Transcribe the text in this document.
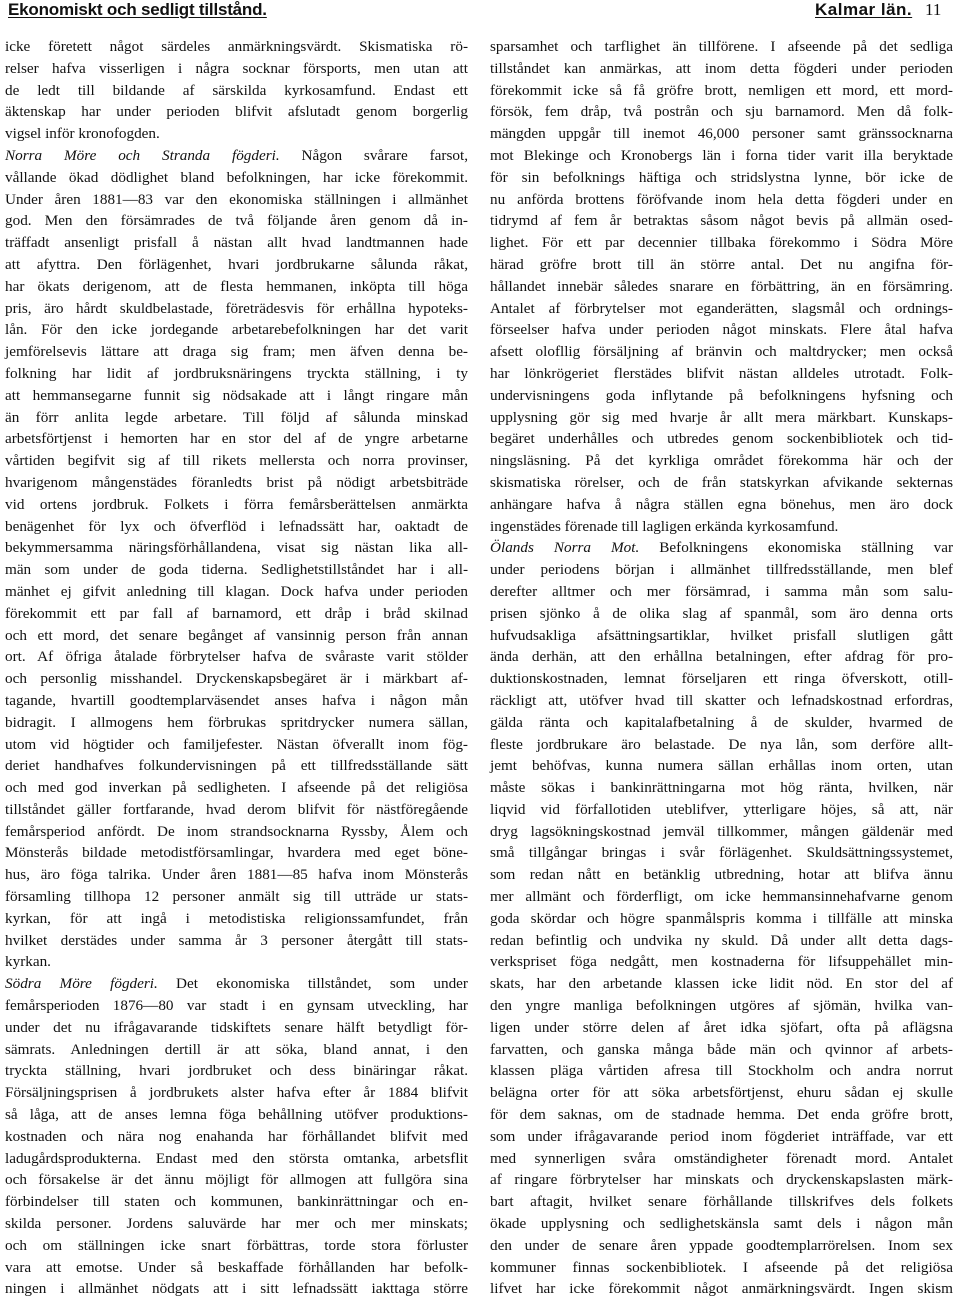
Ekonomiskt och sedligt tillstånd.	Kalmar län. 11
icke företett något särdeles anmärkningsvärdt. Skismatiska rö-
relser hafva visserligen i några socknar försports, men utan att
de ledt till bildande af särskilda kyrkosamfund. Endast ett
äktenskap har under perioden blifvit afslutadt genom borgerlig
vigsel inför kronofogden.
Norra Möre och Stranda fögderi. Någon svårare farsot,
vållande ökad dödlighet bland befolkningen, har icke förekommit.
Under åren 1881—83 var den ekonomiska ställningen i allmänhet
god. Men den försämrades de två följande åren genom då in-
träffadt ansenligt prisfall å nästan allt hvad landtmannen hade
att afyttra. Den förlägenhet, hvari jordbrukarne sålunda råkat,
har ökats derigenom, att de flesta hemmanen, inköpta till höga
pris, äro hårdt skuldbelastade, företrädesvis för erhållna hypoteks-
lån. För den icke jordegande arbetarebefolkningen har det varit
jemförelsevis lättare att draga sig fram; men äfven denna be-
folkning har lidit af jordbruksnäringens tryckta ställning, i ty
att hemmansegarne funnit sig nödsakade att i långt ringare mån
än förr anlita legde arbetare. Till följd af sålunda minskad
arbetsförtjenst i hemorten har en stor del af de yngre arbetarne
vårtiden begifvit sig af till rikets mellersta och norra provinser,
hvarigenom mångenstädes föranledts brist på nödigt arbetsbiträde
vid ortens jordbruk. Folkets i förra femårsberättelsen anmärkta
benägenhet för lyx och öfverflöd i lefnadssätt har, oaktadt de
bekymmersamma näringsförhållandena, visat sig nästan lika all-
män som under de goda tiderna. Sedlighetstillståndet har i all-
mänhet ej gifvit anledning till klagan. Dock hafva under perioden
förekommit ett par fall af barnamord, ett dråp i bråd skilnad
och ett mord, det senare begånget af vansinnig person från annan
ort. Af öfriga åtalade förbrytelser hafva de svåraste varit stölder
och personlig misshandel. Dryckenskapsbegäret är i märkbart af-
tagande, hvartill goodtemplarväsendet anses hafva i någon mån
bidragit. I allmogens hem förbrukas spritdrycker numera sällan,
utom vid högtider och familjefester. Nästan öfverallt inom fög-
deriet handhafves folkundervisningen på ett tillfredsställande sätt
och med god inverkan på sedligheten. I afseende på det religiösa
tillståndet gäller fortfarande, hvad derom blifvit för nästföregående
femårsperiod anfördt. De inom strandsocknarna Ryssby, Ålem och
Mönsterås bildade metodistförsamlingar, hvardera med eget böne-
hus, äro föga talrika. Under åren 1881—85 hafva inom Mönsterås
församling tillhopa 12 personer anmält sig till utträde ur stats-
kyrkan, för att ingå i metodistiska religionssamfundet, från
hvilket derstädes under samma år 3 personer återgått till stats-
kyrkan.
Södra Möre fögderi. Det ekonomiska tillståndet, som under
femårsperioden 1876—80 var stadt i en gynsam utveckling, har
under det nu ifrågavarande tidskiftets senare hälft betydligt för-
sämrats. Anledningen dertill är att söka, bland annat, i den
tryckta ställning, hvari jordbruket och dess binäringar råkat.
Försäljningsprisen å jordbrukets alster hafva efter år 1884 blifvit
så låga, att de anses lemna föga behållning utöfver produktions-
kostnaden och nära nog enahanda har förhållandet blifvit med
ladugårdsprodukterna. Endast med den största omtanka, arbetsflit
och försakelse är det ännu möjligt för allmogen att fullgöra sina
förbindelser till staten och kommunen, bankinrättningar och en-
skilda personer. Jordens saluvärde har mer och mer minskats;
och om ställningen icke snart förbättras, torde stora förluster
vara att emotse. Under så beskaffade förhållanden har befolk-
ningen i allmänhet nödgats att i sitt lefnadssätt iakttaga större
sparsamhet och tarflighet än tillförene. I afseende på det sedliga
tillståndet kan anmärkas, att inom detta fögderi under perioden
förekommit icke så få gröfre brott, nemligen ett mord, ett mord-
försök, fem dråp, två postrån och sju barnamord. Men då folk-
mängden uppgår till inemot 46,000 personer samt gränssocknarna
mot Blekinge och Kronobergs län i forna tider varit illa beryktade
för sin befolknings häftiga och stridslystna lynne, bör icke de
nu anförda brottens föröfvande inom hela detta fögderi under en
tidrymd af fem år betraktas såsom något bevis på allmän osed-
lighet. För ett par decennier tillbaka förekommo i Södra Möre
härad gröfre brott till än större antal. Det nu angifna för-
hållandet innebär således snarare en förbättring, än en försämring.
Antalet af förbrytelser mot eganderätten, slagsmål och ordnings-
förseelser hafva under perioden något minskats. Flere åtal hafva
afsett olofllig försäljning af bränvin och maltdrycker; men också
har lönkrögeriet flerstädes blifvit nästan alldeles utrotadt. Folk-
undervisningens goda inflytande på befolkningens hyfsning och
upplysning gör sig med hvarje år allt mera märkbart. Kunskaps-
begäret underhålles och utbredes genom sockenbibliotek och tid-
ningsläsning. På det kyrkliga området förekomma här och der
skismatiska rörelser, och de från statskyrkan afvikande sekternas
anhängare hafva å några ställen egna bönehus, men äro dock
ingenstädes förenade till lagligen erkända kyrkosamfund.
Ölands Norra Mot. Befolkningens ekonomiska ställning var
under periodens början i allmänhet tillfredsställande, men blef
derefter alltmer och mer försämrad, i samma mån som salu-
prisen sjönko å de olika slag af spanmål, som äro denna orts
hufvudsakliga afsättningsartiklar, hvilket prisfall slutligen gått
ända derhän, att den erhållna betalningen, efter afdrag för pro-
duktionskostnaden, lemnat förseljaren ett ringa öfverskott, otill-
räckligt att, utöfver hvad till skatter och lefnadskostnad erfordras,
gälda ränta och kapitalafbetalning å de skulder, hvarmed de
fleste jordbrukare äro belastade. De nya lån, som derföre allt-
jemt behöfvas, kunna numera sällan erhållas inom orten, utan
måste sökas i bankinrättningarna mot hög ränta, hvilken, när
liqvid vid förfallotiden uteblifver, ytterligare höjes, så att, när
dryg lagsökningskostnad jemväl tillkommer, mången gäldenär med
små tillgångar bringas i svår förlägenhet. Skuldsättningssystemet,
som redan nått en betänklig utbredning, hotar att blifva ännu
mer allmänt och förderfligt, om icke hemmansinnehafvarne genom
goda skördar och högre spanmålspris komma i tillfälle att minska
redan befintlig och undvika ny skuld. Då under allt detta dags-
verkspriset föga nedgått, men kostnaderna för lifsuppehället min-
skats, har den arbetande klassen icke lidit nöd. En stor del af
den yngre manliga befolkningen utgöres af sjömän, hvilka van-
ligen under större delen af året idka sjöfart, ofta på aflägsna
farvatten, och ganska många både män och qvinnor af arbets-
klassen pläga vårtiden afresa till Stockholm och andra norrut
belägna orter för att söka arbetsförtjenst, ehuru sådan ej skulle
för dem saknas, om de stadnade hemma. Det enda gröfre brott,
som under ifrågavarande period inom fögderiet inträffade, var ett
med synnerligen svåra omständigheter förenadt mord. Antalet
af ringare förbrytelser har minskats och dryckenskapslasten märk-
bart aftagit, hvilket senare förhållande tillskrifves dels folkets
ökade upplysning och sedlighetskänsla samt dels i någon mån
den under de senare åren yppade goodtemplarrörelsen. Inom sex
kommuner finnas sockenbibliotek. I afseende på det religiösa
lifvet har icke förekommit något anmärkningsvärdt. Ingen skism
